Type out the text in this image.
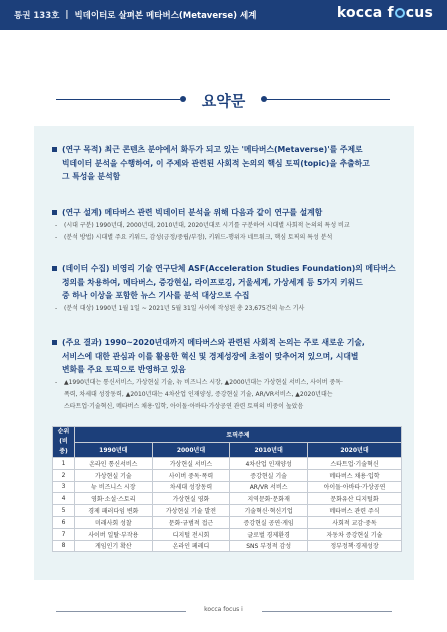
통권 133호 | 빅데이터로 살펴본 메타버스(Metaverse) 세계	kocca f cus
요약문
(연구 목적) 최근 콘텐츠 분야에서 화두가 되고 있는 '메타버스(Metaverse)'를 주제로
빅데이터 분석을 수행하여, 이 주제와 관련된 사회적 논의의 핵심 토픽(topic)을 추출하고
그 특성을 분석함
(연구 설계) 메타버스 관련 빅데이터 분석을 위해 다음과 같이 연구를 설계함
- (시대 구분) 1990년대, 2000년대, 2010년대, 2020년대로 시기를 구분하여 시대별 사회적 논의의 특성 비교
- (분석 방법) 시대별 주요 키워드, 감성(긍정/중립/부정), 키워드-행위자 네트워크, 핵심 토픽의 특성 분석
(데이터 수집) 비영리 기술 연구단체 ASF(Acceleration Studies Foundation)의 메타버스
정의를 차용하여, 메타버스, 증강현실, 라이프로깅, 거울세계, 가상세계 등 5가지 키워드
중 하나 이상을 포함한 뉴스 기사를 분석 대상으로 수집
- (분석 대상) 1990년 1월 1일 ~ 2021년 5월 31일 사이에 작성된 총 23,675건의 뉴스 기사
(주요 결과) 1990~2020년대까지 메타버스와 관련된 사회적 논의는 주로 새로운 기술,
서비스에 대한 관심과 이를 활용한 혁신 및 경제성장에 초점이 맞추어져 있으며, 시대별
변화를 주요 토픽으로 반영하고 있음
- ▲1990년대는 통신서비스, 가상현실 기술, 뉴 비즈니스 시장, ▲2000년대는 가상현실 서비스, 사이버 중독·
폭력, 차세대 성장동력, ▲2010년대는 4차산업 인재양성, 증강현실 기술, AR/VR서비스, ▲2020년대는
스타트업·기술혁신, 메타버스 채용·입학, 아이돌·아바타·가상공연 관련 토픽의 비중이 높았음
순위
(비중)	토픽주제			
	1990년대	2000년대	2010년대	2020년대
1	온라인 통신서비스	가상현실 서비스	4차산업 인재양성	스타트업·기술혁신
2	가상현실 기술	사이버 중독·폭력	증강현실 기술	메타버스 채용·입학
3	뉴 비즈니스 시장	차세대 성장동력	AR/VR 서비스	아이돌·아바타·가상공연
4	영화·소설·스토리	가상현실 영화	지역문화·문화재	문화유산 디지털화
5	경제 패러다임 변화	가상현실 기술 발전	기술혁신·혁신기업	메타버스 관련 주식
6	미래사회 성찰	문화·규범적 접근	증강현실 공연·게임	사회적 교감·중독
7	사이버 일탈·부작용	디지털 전시회	글로벌 경제환경	자동차 증강현실 기술
8	게임인기 확산	온라인 페레디	SNS 부정적 감성	정부정책·경제성장
kocca focus i
